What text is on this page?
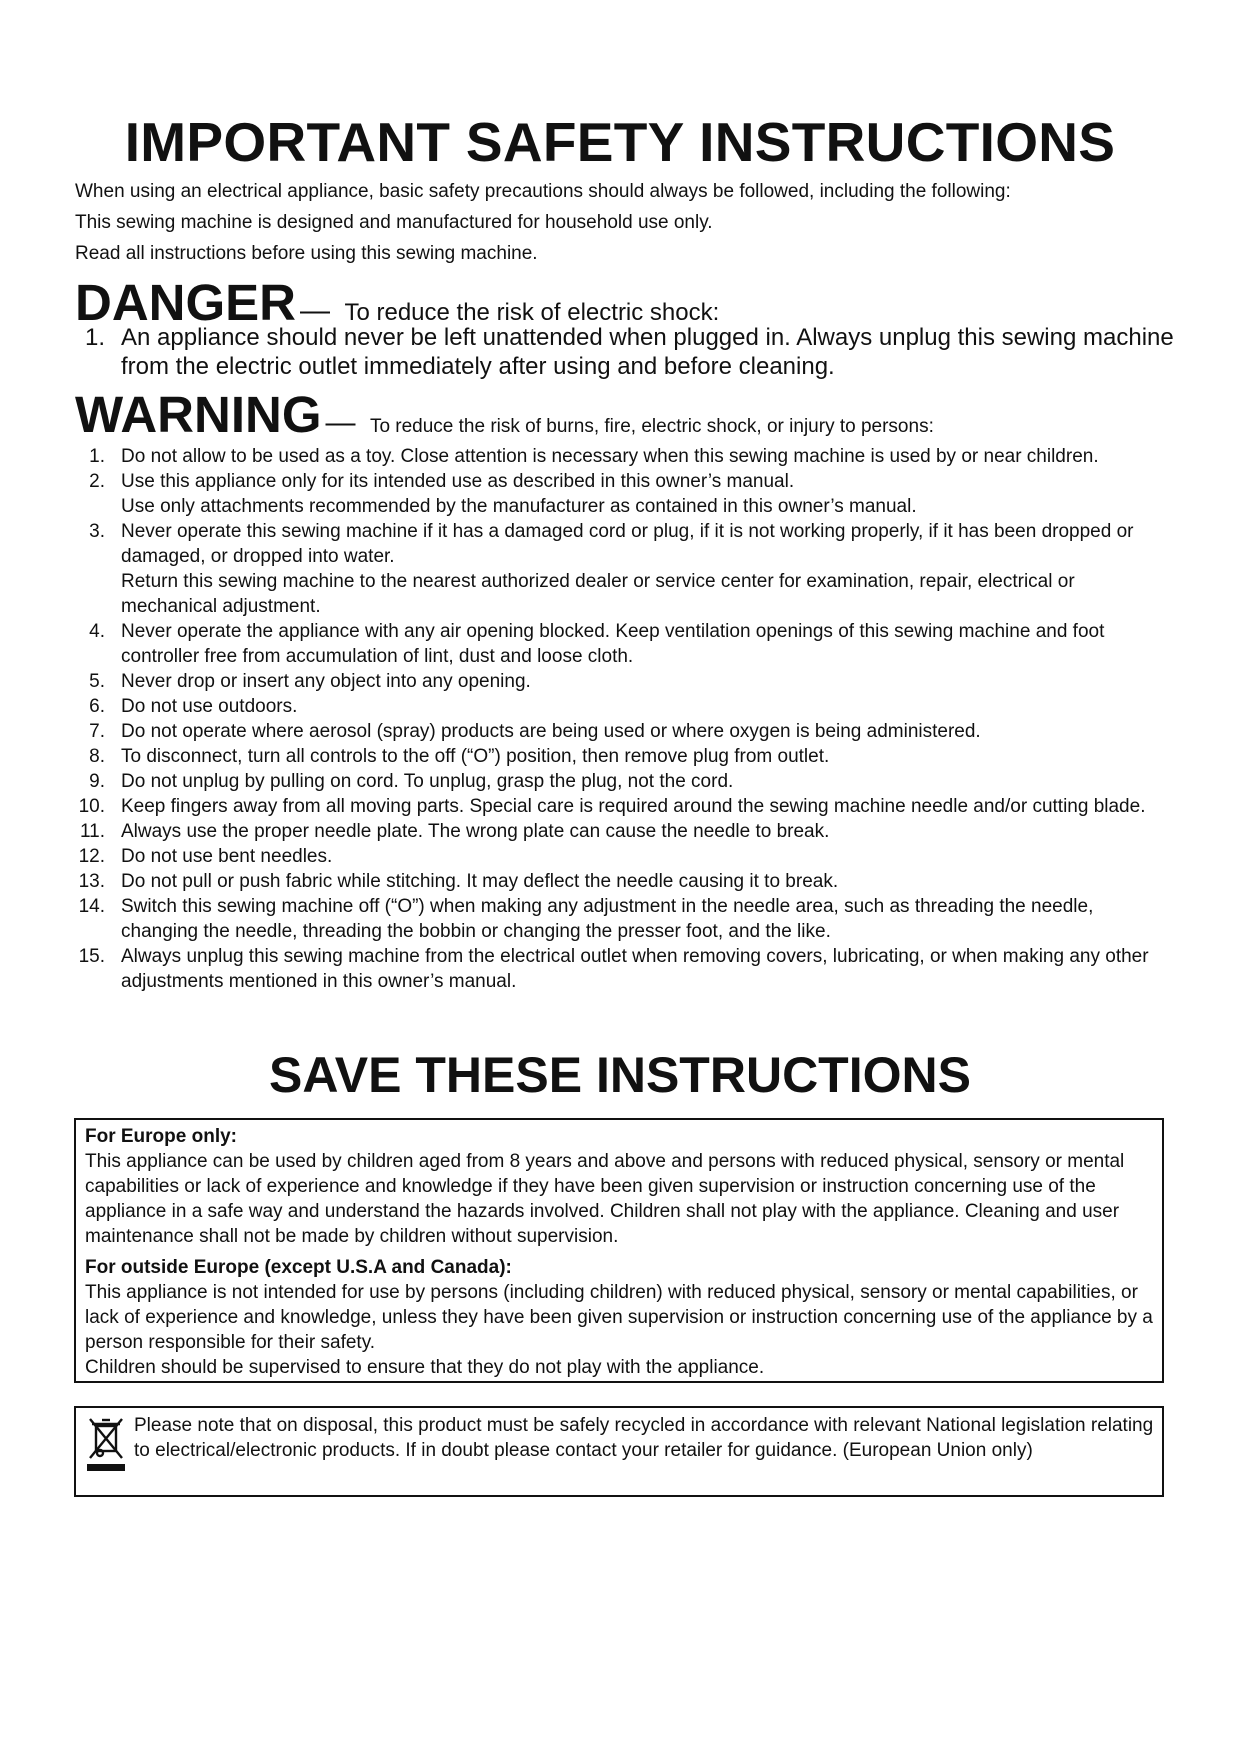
IMPORTANT SAFETY INSTRUCTIONS
When using an electrical appliance, basic safety precautions should always be followed, including the following:
This sewing machine is designed and manufactured for household use only.
Read all instructions before using this sewing machine.
DANGER — To reduce the risk of electric shock:
1. An appliance should never be left unattended when plugged in. Always unplug this sewing machine from the electric outlet immediately after using and before cleaning.
WARNING — To reduce the risk of burns, fire, electric shock, or injury to persons:
1. Do not allow to be used as a toy. Close attention is necessary when this sewing machine is used by or near children.
2. Use this appliance only for its intended use as described in this owner’s manual.
Use only attachments recommended by the manufacturer as contained in this owner’s manual.
3. Never operate this sewing machine if it has a damaged cord or plug, if it is not working properly, if it has been dropped or damaged, or dropped into water.
Return this sewing machine to the nearest authorized dealer or service center for examination, repair, electrical or mechanical adjustment.
4. Never operate the appliance with any air opening blocked. Keep ventilation openings of this sewing machine and foot controller free from accumulation of lint, dust and loose cloth.
5. Never drop or insert any object into any opening.
6. Do not use outdoors.
7. Do not operate where aerosol (spray) products are being used or where oxygen is being administered.
8. To disconnect, turn all controls to the off (“O”) position, then remove plug from outlet.
9. Do not unplug by pulling on cord. To unplug, grasp the plug, not the cord.
10. Keep fingers away from all moving parts. Special care is required around the sewing machine needle and/or cutting blade.
11. Always use the proper needle plate. The wrong plate can cause the needle to break.
12. Do not use bent needles.
13. Do not pull or push fabric while stitching. It may deflect the needle causing it to break.
14. Switch this sewing machine off (“O”) when making any adjustment in the needle area, such as threading the needle, changing the needle, threading the bobbin or changing the presser foot, and the like.
15. Always unplug this sewing machine from the electrical outlet when removing covers, lubricating, or when making any other adjustments mentioned in this owner’s manual.
SAVE THESE INSTRUCTIONS
For Europe only:
This appliance can be used by children aged from 8 years and above and persons with reduced physical, sensory or mental capabilities or lack of experience and knowledge if they have been given supervision or instruction concerning use of the appliance in a safe way and understand the hazards involved. Children shall not play with the appliance. Cleaning and user maintenance shall not be made by children without supervision.
For outside Europe (except U.S.A and Canada):
This appliance is not intended for use by persons (including children) with reduced physical, sensory or mental capabilities, or lack of experience and knowledge, unless they have been given supervision or instruction concerning use of the appliance by a person responsible for their safety.
Children should be supervised to ensure that they do not play with the appliance.
Please note that on disposal, this product must be safely recycled in accordance with relevant National legislation relating to electrical/electronic products. If in doubt please contact your retailer for guidance. (European Union only)
